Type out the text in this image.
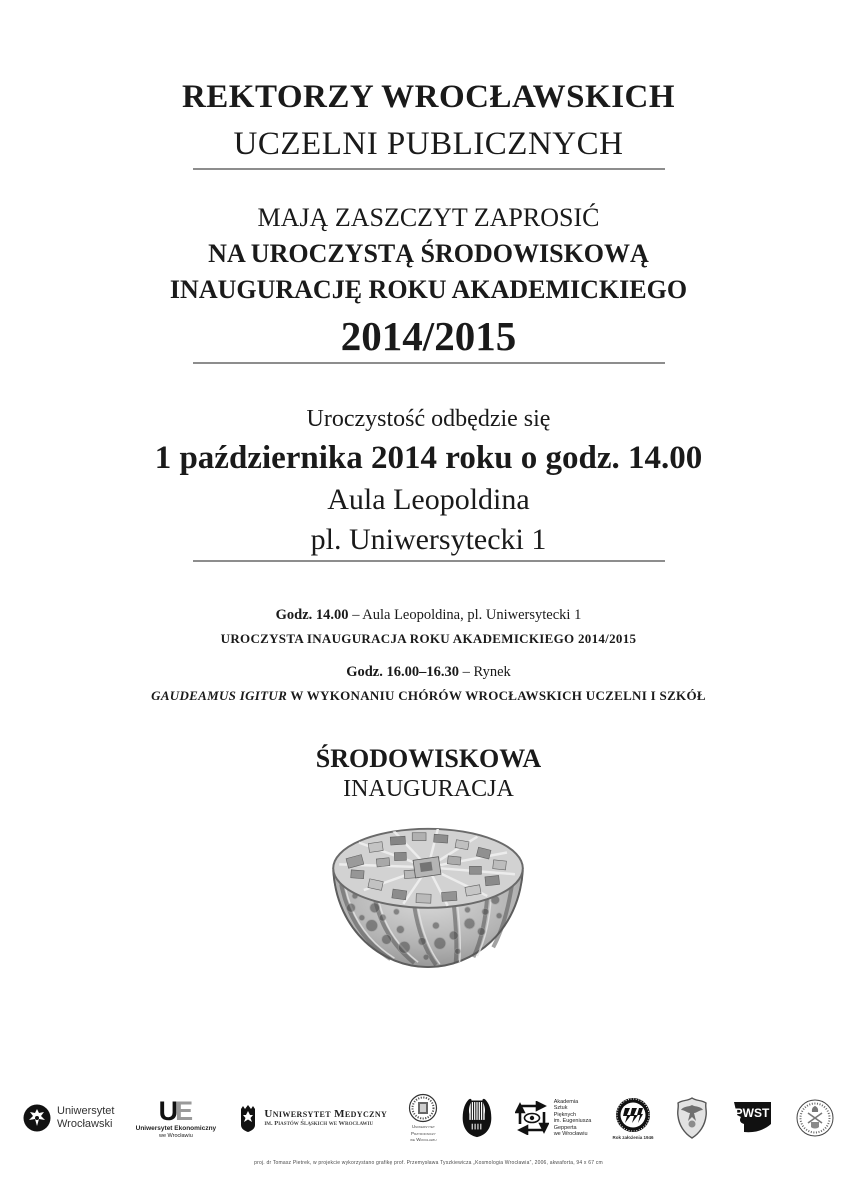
REKTORZY WROCŁAWSKICH
UCZELNI PUBLICZNYCH
MAJĄ ZASZCZYT ZAPROSIĆ
NA UROCZYSTĄ ŚRODOWISKOWĄ
INAUGURACJĘ ROKU AKADEMICKIEGO
2014/2015
Uroczystość odbędzie się
1 października 2014 roku o godz. 14.00
Aula Leopoldina
pl. Uniwersytecki 1
Godz. 14.00 – Aula Leopoldina, pl. Uniwersytecki 1
UROCZYSTA INAUGURACJA ROKU AKADEMICKIEGO 2014/2015
Godz. 16.00–16.30 – Rynek
GAUDEAMUS IGITUR W WYKONANIU CHÓRÓW WROCŁAWSKICH UCZELNI I SZKÓŁ
ŚRODOWISKOWA
INAUGURACJA
Uniwersytet
Wrocławski UE
Uniwersytet Ekonomiczny
we Wrocławiu
Uniwersytet Medyczny
im. Piastów Śląskich we Wrocławiu	Uniwersytet
Przyrodniczy
we Wrocławiu
Akademia
Sztuk
Pięknych
im. Eugeniusza
Gepperta
we Wrocławiu	Rok założenia 1946
PWST
proj. dr Tomasz Pietrek, w projekcie wykorzystano grafikę prof. Przemysława Tyszkiewicza „Kosmologia Wrocławia”, 2006, akwaforta, 94 x 67 cm
